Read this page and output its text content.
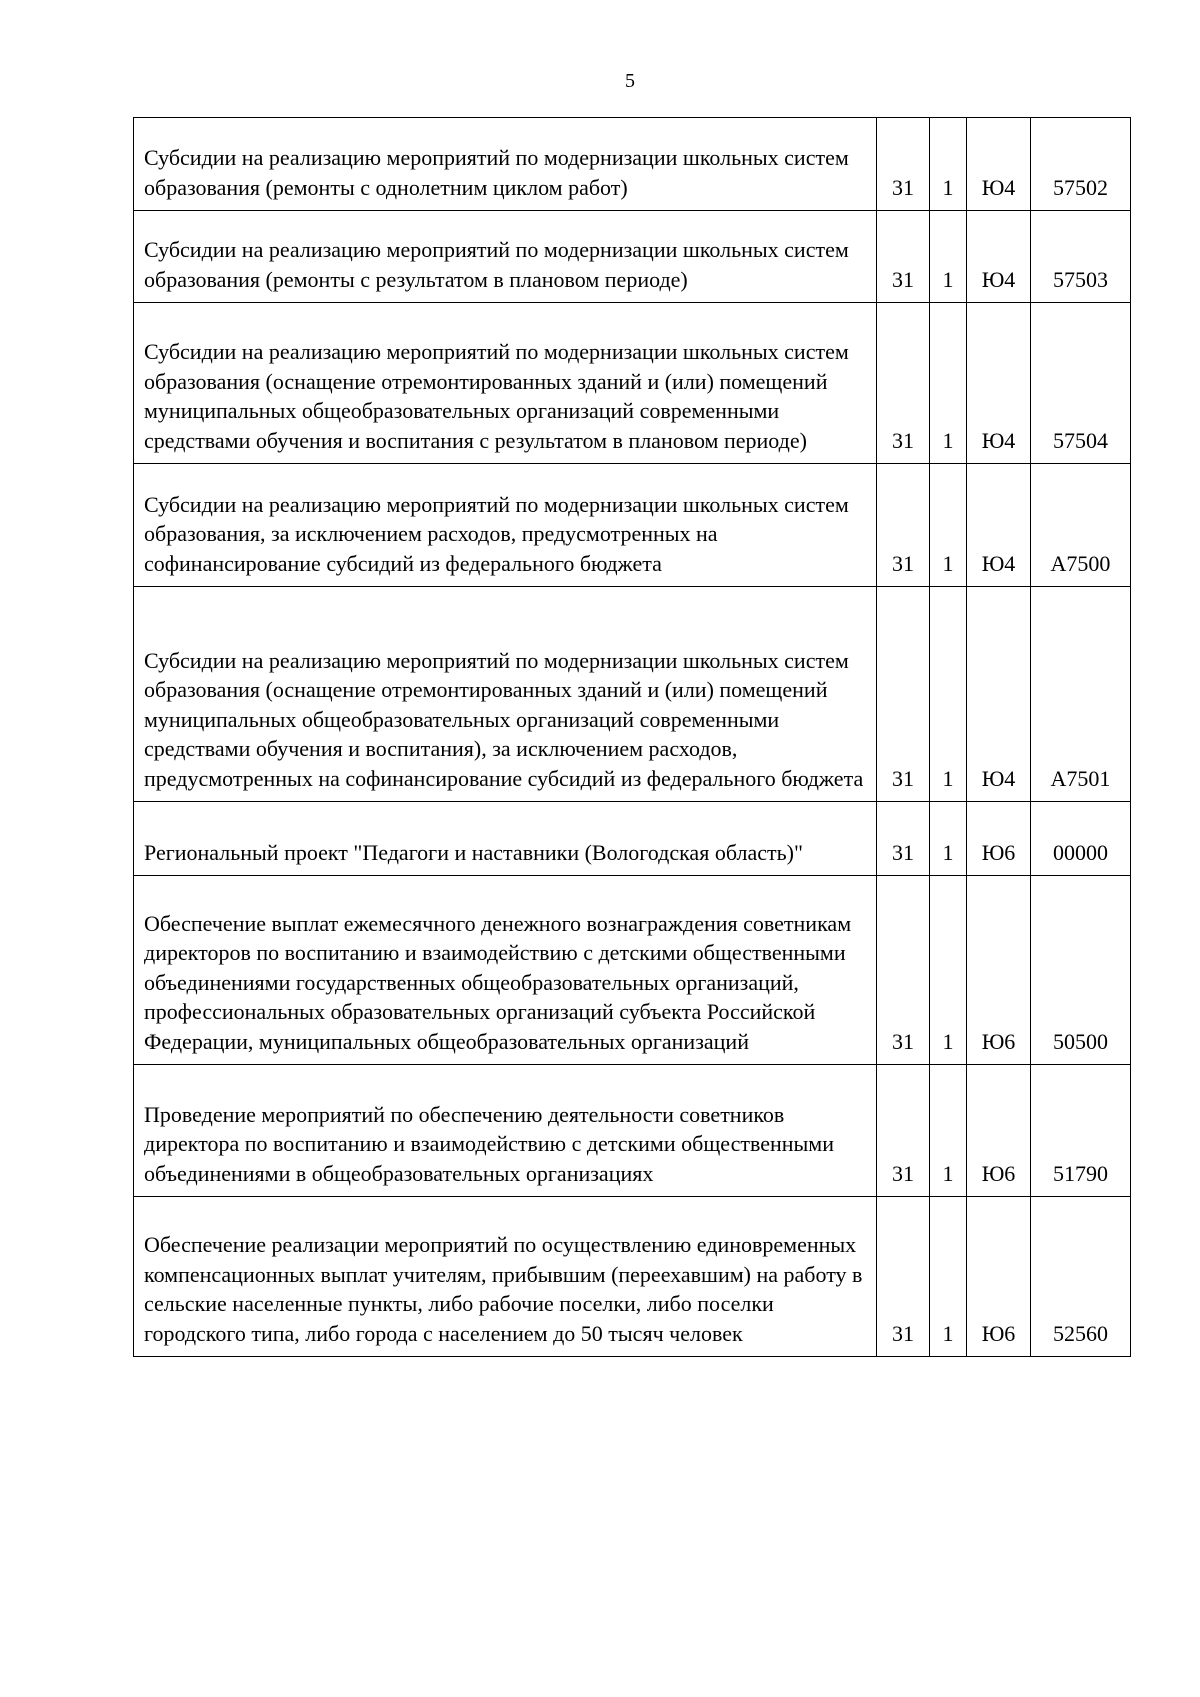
5
Субсидии на реализацию мероприятий по модернизации школьных систем образования (ремонты с однолетним циклом работ)	31	1	Ю4	57502
Субсидии на реализацию мероприятий по модернизации школьных систем образования (ремонты с результатом в плановом периоде)	31	1	Ю4	57503
Субсидии на реализацию мероприятий по модернизации школьных систем образования (оснащение отремонтированных зданий и (или) помещений муниципальных общеобразовательных организаций современными средствами обучения и воспитания с результатом в плановом периоде)	31	1	Ю4	57504
Субсидии на реализацию мероприятий по модернизации школьных систем образования, за исключением расходов, предусмотренных на софинансирование субсидий из федерального бюджета	31	1	Ю4	A7500
Субсидии на реализацию мероприятий по модернизации школьных систем образования (оснащение отремонтированных зданий и (или) помещений муниципальных общеобразовательных организаций современными средствами обучения и воспитания), за исключением расходов, предусмотренных на софинансирование субсидий из федерального бюджета	31	1	Ю4	A7501
Региональный проект "Педагоги и наставники (Вологодская область)"	31	1	Ю6	00000
Обеспечение выплат ежемесячного денежного вознаграждения советникам директоров по воспитанию и взаимодействию с детскими общественными объединениями государственных общеобразовательных организаций, профессиональных образовательных организаций субъекта Российской Федерации, муниципальных общеобразовательных организаций	31	1	Ю6	50500
Проведение мероприятий по обеспечению деятельности советников директора по воспитанию и взаимодействию с детскими общественными объединениями в общеобразовательных организациях	31	1	Ю6	51790
Обеспечение реализации мероприятий по осуществлению единовременных компенсационных выплат учителям, прибывшим (переехавшим) на работу в сельские населенные пункты, либо рабочие поселки, либо поселки городского типа, либо города с населением до 50 тысяч человек	31	1	Ю6	52560
